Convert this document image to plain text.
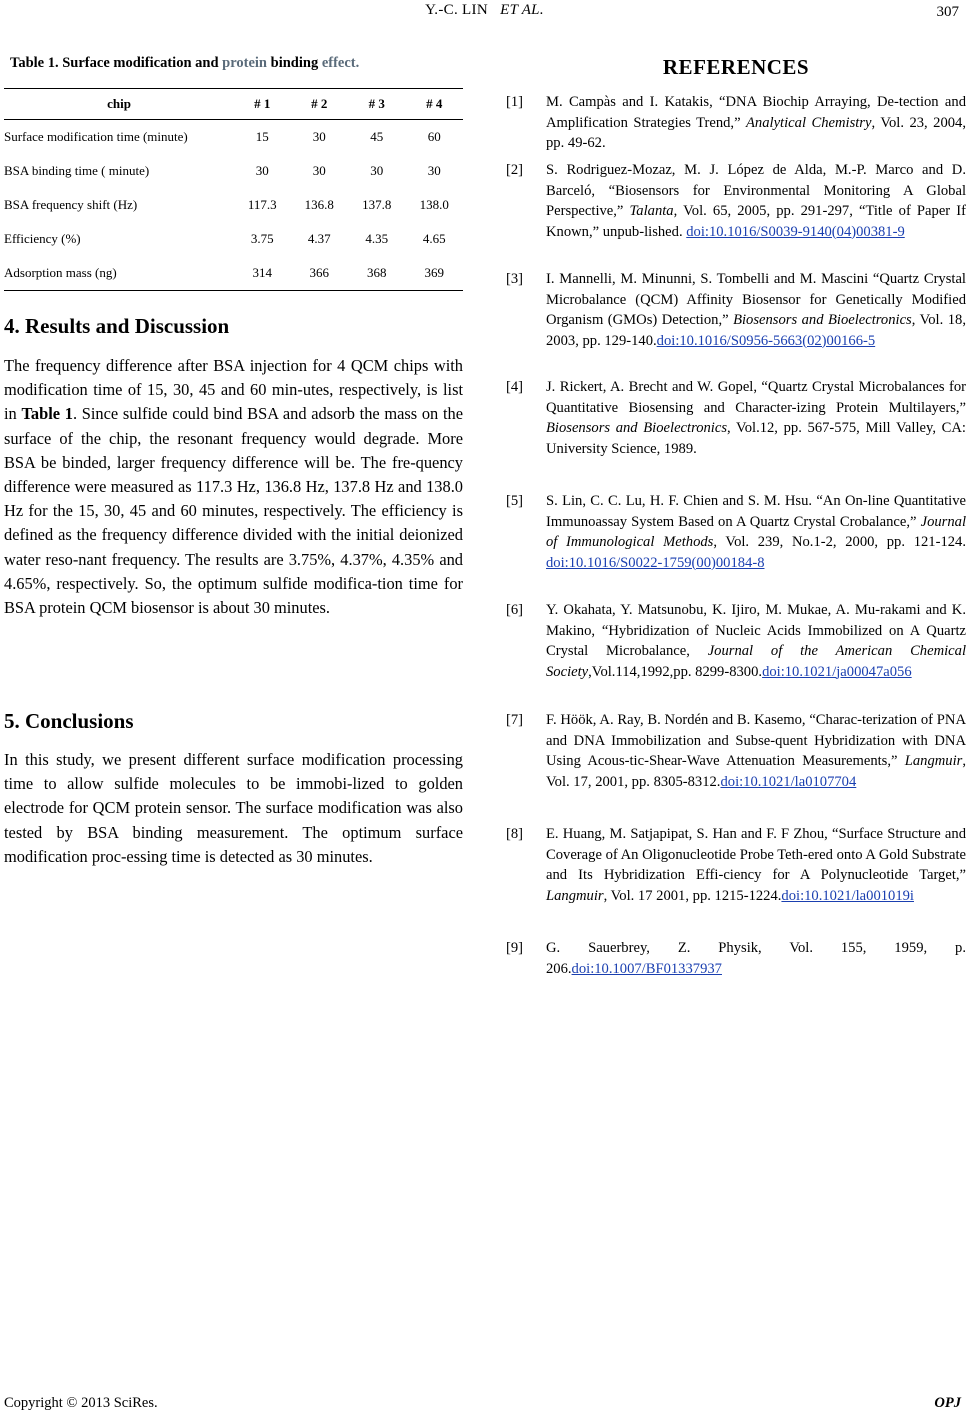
Y.-C. LIN ET AL.	307
Table 1. Surface modification and protein binding effect.
chip	# 1	# 2	# 3	# 4
Surface modification time (minute)	15	30	45	60
BSA binding time ( minute)	30	30	30	30
BSA frequency shift (Hz)	117.3	136.8	137.8	138.0
Efficiency (%)	3.75	4.37	4.35	4.65
Adsorption mass (ng)	314	366	368	369
4. Results and Discussion

The frequency difference after BSA injection for 4 QCM chips with modification time of 15, 30, 45 and 60 min-utes, respectively, is list in Table 1. Since sulfide could bind BSA and adsorb the mass on the surface of the chip, the resonant frequency would degrade. More BSA be binded, larger frequency difference will be. The fre-quency difference were measured as 117.3 Hz, 136.8 Hz, 137.8 Hz and 138.0 Hz for the 15, 30, 45 and 60 minutes, respectively. The efficiency is defined as the frequency difference divided with the initial deionized water reso-nant frequency. The results are 3.75%, 4.37%, 4.35% and 4.65%, respectively. So, the optimum sulfide modifica-tion time for BSA protein QCM biosensor is about 30 minutes.

5. Conclusions

In this study, we present different surface modification processing time to allow sulfide molecules to be immobi-lized to golden electrode for QCM protein sensor. The surface modification was also tested by BSA binding measurement. The optimum surface modification proc-essing time is detected as 30 minutes.

REFERENCES
[1] M. Campàs and I. Katakis, “DNA Biochip Arraying, De-tection and Amplification Strategies Trend,” Analytical Chemistry, Vol. 23, 2004, pp. 49-62.
[2] S. Rodriguez-Mozaz, M. J. López de Alda, M.-P. Marco and D. Barceló, “Biosensors for Environmental Monitoring A Global Perspective,” Talanta, Vol. 65, 2005, pp. 291-297, “Title of Paper If Known,” unpub-lished. doi:10.1016/S0039-9140(04)00381-9
[3] I. Mannelli, M. Minunni, S. Tombelli and M. Mascini “Quartz Crystal Microbalance (QCM) Affinity Biosensor for Genetically Modified Organism (GMOs) Detection,” Biosensors and Bioelectronics, Vol. 18, 2003, pp. 129-140.doi:10.1016/S0956-5663(02)00166-5
[4] J. Rickert, A. Brecht and W. Gopel, “Quartz Crystal Microbalances for Quantitative Biosensing and Character-izing Protein Multilayers,” Biosensors and Bioelectronics, Vol.12, pp. 567-575, Mill Valley, CA: University Science, 1989.
[5] S. Lin, C. C. Lu, H. F. Chien and S. M. Hsu. “An On-line Quantitative Immunoassay System Based on A Quartz Crystal Crobalance,” Journal of Immunological Methods, Vol. 239, No.1-2, 2000, pp. 121-124. doi:10.1016/S0022-1759(00)00184-8
[6] Y. Okahata, Y. Matsunobu, K. Ijiro, M. Mukae, A. Mu-rakami and K. Makino, “Hybridization of Nucleic Acids Immobilized on A Quartz Crystal Microbalance, Journal of the American Chemical Society,Vol.114,1992,pp. 8299-8300.doi:10.1021/ja00047a056
[7] F. Höök, A. Ray, B. Nordén and B. Kasemo, “Charac-terization of PNA and DNA Immobilization and Subse-quent Hybridization with DNA Using Acous-tic-Shear-Wave Attenuation Measurements,” Langmuir, Vol. 17, 2001, pp. 8305-8312.doi:10.1021/la0107704
[8] E. Huang, M. Satjapipat, S. Han and F. F Zhou, “Surface Structure and Coverage of An Oligonucleotide Probe Teth-ered onto A Gold Substrate and Its Hybridization Effi-ciency for A Polynucleotide Target,” Langmuir, Vol. 17 2001, pp. 1215-1224.doi:10.1021/la001019i
[9] G. Sauerbrey, Z. Physik, Vol. 155, 1959, p. 206.doi:10.1007/BF01337937
Copyright © 2013 SciRes.	OPJ
